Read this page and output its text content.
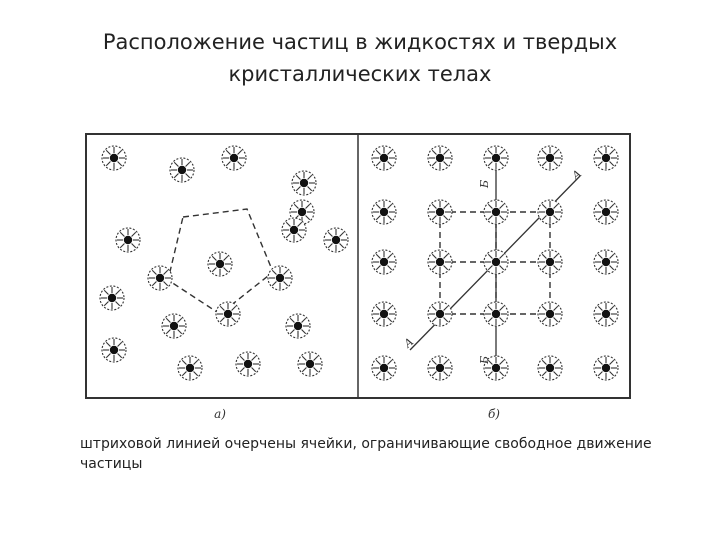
Расположение частиц в жидкостях и твердых кристаллических телах
A
A
Б
Б
а)	б)
штриховой линией очерчены ячейки, ограничивающие свободное движение частицы
